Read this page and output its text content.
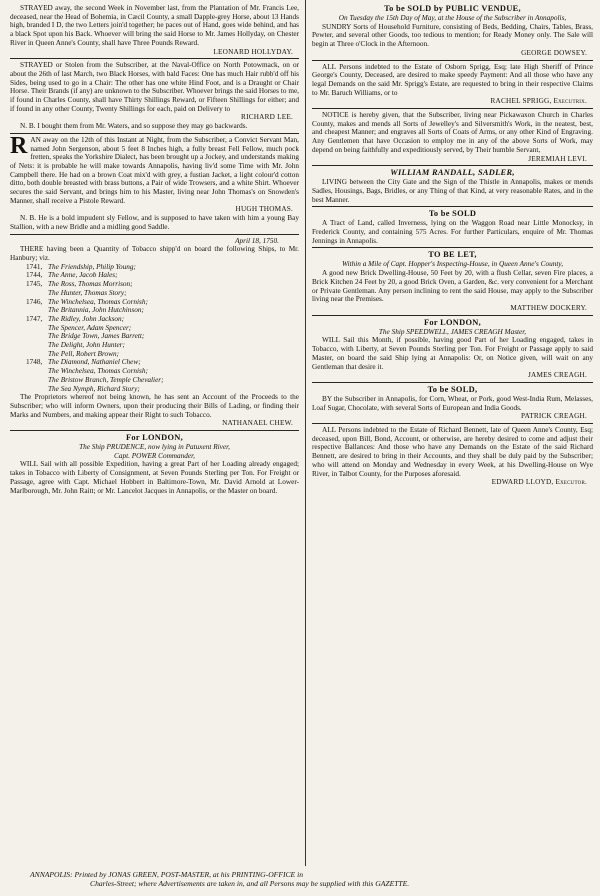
STRAYED away, the second Week in November last, from the Plantation of Mr. Francis Lee, deceased, near the Head of Bohemia, in Cæcil County, a small Dapple-grey Horse, about 13 Hands high, branded I D, the two Letters join'd together; he paces out of Hand, goes wide behind, and has a black Spot upon his Back. Whoever will bring the said Horse to Mr. James Hollyday, on Chester River in Queen Anne's County, shall have Three Pounds Reward.

LEONARD HOLLYDAY.

STRAYED or Stolen from the Subscriber, at the Naval-Office on North Potowmack, on or about the 26th of last March, two Black Horses, with bald Faces: One has much Hair rubb'd off his Sides, being used to go in a Chair: The other has one white Hind Foot, and is a Draught or Chair Horse. Their Brands (if any) are unknown to the Subscriber. Whoever brings the said Horses to me, if found in Charles County, shall have Thirty Shillings Reward, or Fifteen Shillings for either; and if found in any other County, Twenty Shillings for each, paid on Delivery to

RICHARD LEE.

N. B. I bought them from Mr. Waters, and so suppose they may go backwards.

RAN away on the 12th of this Instant at Night, from the Subscriber, a Convict Servant Man, named John Sergenson, about 5 feet 8 Inches high, a fully breast Fell Fellow, much pock fretten, speaks the Yorkshire Dialect, has been brought up a Jockey, and understands making of Nets: it is probable he will make towards Annapolis, having liv'd some Time with Mr. John Campbell there. He had on a brown Coat mix'd with grey, a fustian Jacket, a light colour'd cotton ditto, both double breasted with brass buttons, a Pair of wide Trowsers, and a white Shirt. Whoever secures the said Servant, and brings him to his Master, living near John Thomas's on Snowden's Manner, shall receive a Pistole Reward.

HUGH THOMAS.

N. B. He is a bold impudent sly Fellow, and is supposed to have taken with him a young Bay Stallion, with a new Bridle and a midling good Saddle.

April 18, 1750.

THERE having been a Quantity of Tobacco shipp'd on board the following Ships, to Mr. Hanbury; viz.

1741, The Friendship, Philip Young;
1744, The Anne, Jacob Hales;
1745, The Ross, Thomas Morrison;
The Hunter, Thomas Story;
1746, The Winchelsea, Thomas Cornish;
The Britannia, John Hutchinson;
1747, The Ridley, John Jackson;
The Spencer, Adam Spencer;
The Bridge Town, James Barrett;
The Delight, John Hunter;
The Pell, Robert Brown;
1748, The Diamond, Nathaniel Chew;
The Winchelsea, Thomas Cornish;
The Bristow Branch, Temple Chevalier;
The Sea Nymph, Richard Story;

The Proprietors whereof not being known, he has sent an Account of the Proceeds to the Subscriber; who will inform Owners, upon their producing their Bills of Lading, or finding their Marks and Numbers, and making appear their Right to such Tobacco.

NATHANAEL CHEW.
For LONDON,
The Ship PRUDENCE, now lying in Patuxent River,
Capt. POWER Commander,

WILL Sail with all possible Expedition, having a great Part of her Loading already engaged; takes in Tobacco with Liberty of Consignment, at Seven Pounds Sterling per Ton. For Freight or Passage, agree with Capt. Michael Hobbert in Baltimore-Town, Mr. David Arnold at Lower-Marlborough, Mr. John Raitt; or Mr. Lancelot Jacques in Annapolis, or the Master on board.

To be SOLD by PUBLIC VENDUE,
On Tuesday the 15th Day of May, at the House of the Subscriber in Annapolis,

SUNDRY Sorts of Household Furniture, consisting of Beds, Bedding, Chairs, Tables, Brass, Pewter, and several other Goods, too tedious to mention; for Ready Money only. The Sale will begin at Three o'Clock in the Afternoon.

GEORGE DOWSEY.

ALL Persons indebted to the Estate of Osborn Sprigg, Esq; late High Sheriff of Prince George's County, Deceased, are desired to make speedy Payment: And all those who have any legal Demands on the said Mr. Sprigg's Estate, are requested to bring in their respective Claims to Mr. Baruch Williams, or to

RACHEL SPRIGG, Executrix.

NOTICE is hereby given, that the Subscriber, living near Pickawaxon Church in Charles County, makes and mends all Sorts of Jewelley's and Silversmith's Work, in the neatest, best, and cheapest Manner; and engraves all Sorts of Coats of Arms, or any other Kind of Engraving. Any Gentlemen that have Occasion to employ me in any of the above Sorts of Work, may depend on being faithfully and expeditiously served, by Their humble Servant,

JEREMIAH LEVI.
WILLIAM RANDALL, SADLER,

LIVING between the City Gate and the Sign of the Thistle in Annapolis, makes or mends Sadles, Housings, Bags, Bridles, or any Thing of that Kind, at very reasonable Rates, and in the best Manner.

To be SOLD

A Tract of Land, called Inverness, lying on the Waggon Road near Little Monocksy, in Frederick County, and containing 575 Acres. For further Particulars, enquire of Mr. Thomas Jennings in Annapolis.

TO BE LET,
Within a Mile of Capt. Hopper's Inspecting-House, in Queen Anne's County,

A good new Brick Dwelling-House, 50 Feet by 20, with a flush Cellar, seven Fire places, a Brick Kitchen 24 Feet by 20, a good Brick Oven, a Garden, &c. very convenient for a Merchant or Private Gentleman. Any person inclining to rent the said House, may apply to the Subscriber living near the Premises.

MATTHEW DOCKERY.
For LONDON,
The Ship SPEEDWELL, JAMES CREAGH Master,

WILL Sail this Month, if possible, having good Part of her Loading engaged, takes in Tobacco, with Liberty, at Seven Pounds Sterling per Ton. For Freight or Passage apply to said Master, on board the said Ship lying at Annapolis: Or, on Notice given, will wait on any Gentleman that desire it.

JAMES CREAGH.
To be SOLD,

BY the Subscriber in Annapolis, for Corn, Wheat, or Pork, good West-India Rum, Melasses, Loaf Sugar, Chocolate, with several Sorts of European and India Goods.

PATRICK CREAGH.

ALL Persons indebted to the Estate of Richard Bennett, late of Queen Anne's County, Esq; deceased, upon Bill, Bond, Account, or otherwise, are hereby desired to come and adjust their respective Ballances: And those who have any Demands on the Estate of the said Richard Bennett, are desired to bring in their Accounts, and they shall be duly paid by the Subscriber; who will attend on Monday and Wednesday in every Week, at his Dwelling-House on Wye River, in Talbot County, for the Purposes aforesaid.

EDWARD LLOYD, Executor.
ANNAPOLIS: Printed by JONAS GREEN, POST-MASTER, at his PRINTING-OFFICE in
Charles-Street; where Advertisements are taken in, and all Persons may be supplied with this GAZETTE.
